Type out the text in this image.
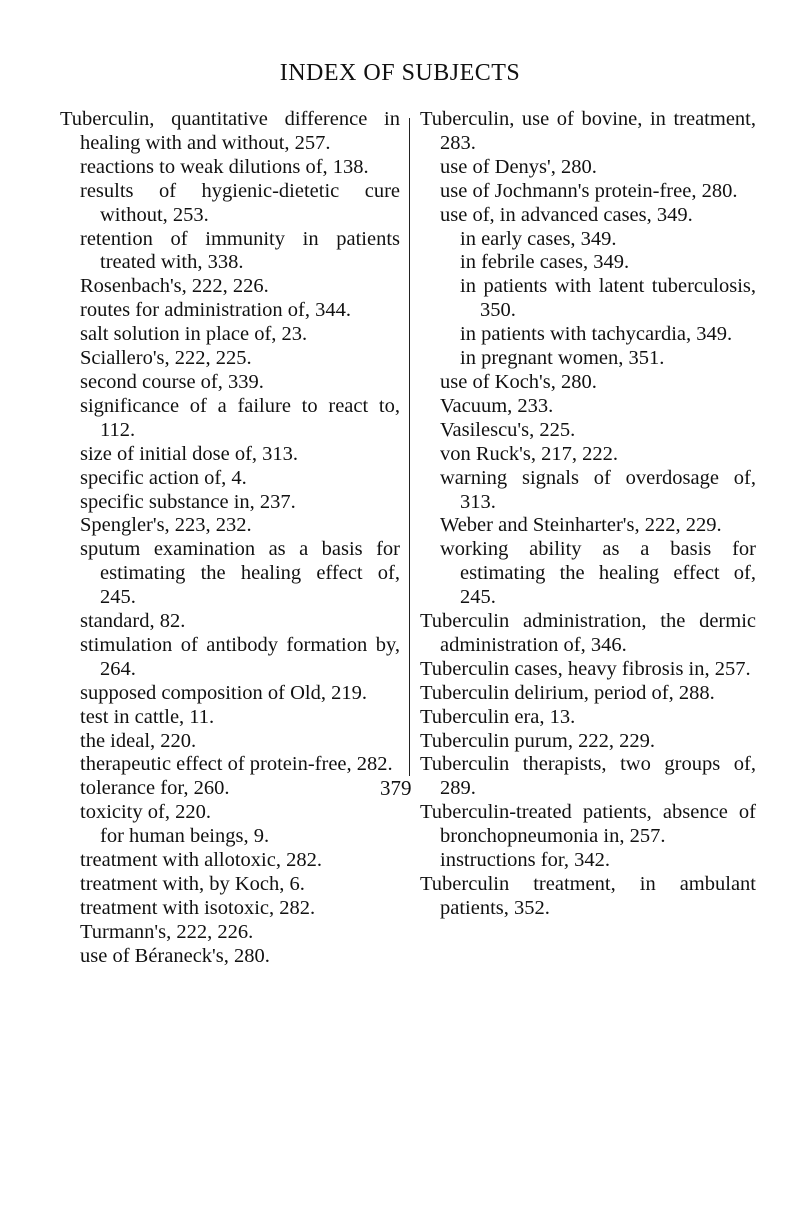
INDEX OF SUBJECTS

Tuberculin, quantitative difference in healing with and without, 257.

reactions to weak dilutions of, 138.

results of hygienic-dietetic cure without, 253.

retention of immunity in patients treated with, 338.

Rosenbach's, 222, 226.

routes for administration of, 344.

salt solution in place of, 23.

Sciallero's, 222, 225.

second course of, 339.

significance of a failure to react to, 112.

size of initial dose of, 313.

specific action of, 4.

specific substance in, 237.

Spengler's, 223, 232.

sputum examination as a basis for estimating the healing effect of, 245.

standard, 82.

stimulation of antibody formation by, 264.

supposed composition of Old, 219.

test in cattle, 11.

the ideal, 220.

therapeutic effect of protein-free, 282.

tolerance for, 260.

toxicity of, 220.

for human beings, 9.

treatment with allotoxic, 282.

treatment with, by Koch, 6.

treatment with isotoxic, 282.

Turmann's, 222, 226.

use of Béraneck's, 280.

Tuberculin, use of bovine, in treatment, 283.

use of Denys', 280.

use of Jochmann's protein-free, 280.

use of, in advanced cases, 349.

in early cases, 349.

in febrile cases, 349.

in patients with latent tuberculosis, 350.

in patients with tachycardia, 349.

in pregnant women, 351.

use of Koch's, 280.

Vacuum, 233.

Vasilescu's, 225.

von Ruck's, 217, 222.

warning signals of overdosage of, 313.

Weber and Steinharter's, 222, 229.

working ability as a basis for estimating the healing effect of, 245.

Tuberculin administration, the dermic administration of, 346.

Tuberculin cases, heavy fibrosis in, 257.

Tuberculin delirium, period of, 288.

Tuberculin era, 13.

Tuberculin purum, 222, 229.

Tuberculin therapists, two groups of, 289.

Tuberculin-treated patients, absence of bronchopneumonia in, 257.

instructions for, 342.

Tuberculin treatment, in ambulant patients, 352.

379
